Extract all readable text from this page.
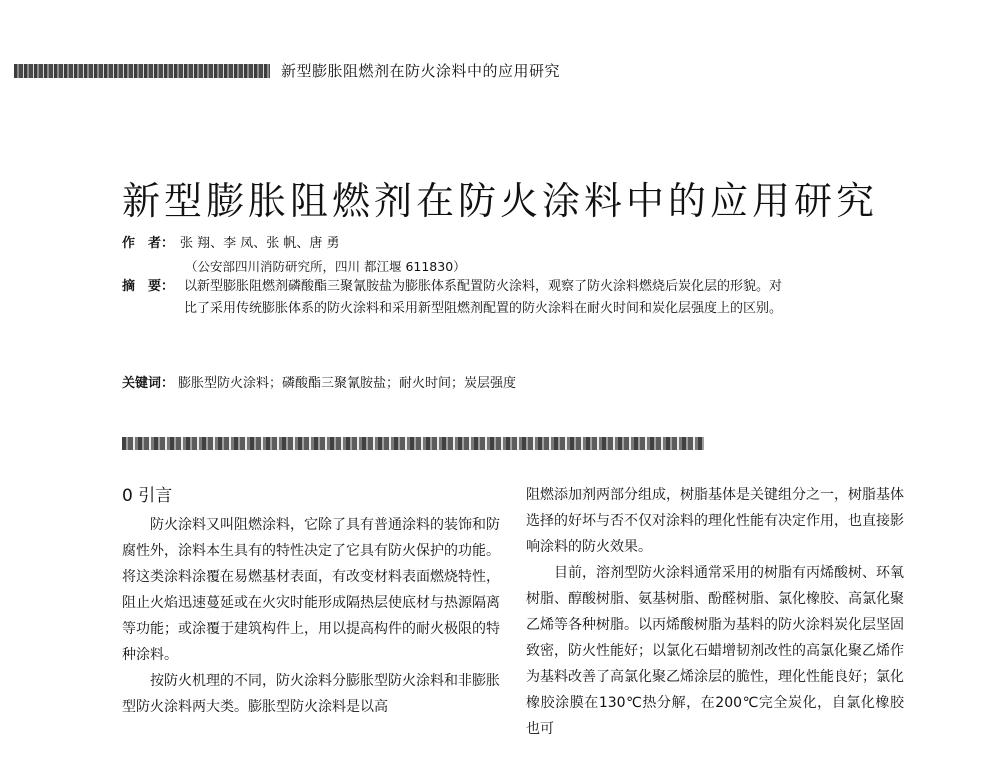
新型膨胀阻燃剂在防火涂料中的应用研究
新型膨胀阻燃剂在防火涂料中的应用研究
作　者： 张 翔、李 凤、张 帆、唐 勇
（公安部四川消防研究所，四川 都江堰 611830）
摘　要： 以新型膨胀阻燃剂磷酸酯三聚氰胺盐为膨胀体系配置防火涂料，观察了防火涂料燃烧后炭化层的形貌。对比了采用传统膨胀体系的防火涂料和采用新型阻燃剂配置的防火涂料在耐火时间和炭化层强度上的区别。
关键词： 膨胀型防火涂料；磷酸酯三聚氰胺盐；耐火时间；炭层强度
0 引言

防火涂料又叫阻燃涂料，它除了具有普通涂料的装饰和防腐性外，涂料本生具有的特性决定了它具有防火保护的功能。将这类涂料涂覆在易燃基材表面，有改变材料表面燃烧特性，阻止火焰迅速蔓延或在火灾时能形成隔热层使底材与热源隔离等功能；或涂覆于建筑构件上，用以提高构件的耐火极限的特种涂料。

按防火机理的不同，防火涂料分膨胀型防火涂料和非膨胀型防火涂料两大类。膨胀型防火涂料是以高

阻燃添加剂两部分组成，树脂基体是关键组分之一，树脂基体选择的好坏与否不仅对涂料的理化性能有决定作用，也直接影响涂料的防火效果。

目前，溶剂型防火涂料通常采用的树脂有丙烯酸树、环氧树脂、醇酸树脂、氨基树脂、酚醛树脂、氯化橡胶、高氯化聚乙烯等各种树脂。以丙烯酸树脂为基料的防火涂料炭化层坚固致密，防火性能好；以氯化石蜡增韧剂改性的高氯化聚乙烯作为基料改善了高氯化聚乙烯涂层的脆性，理化性能良好；氯化橡胶涂膜在130℃热分解，在200℃完全炭化，自氯化橡胶也可
